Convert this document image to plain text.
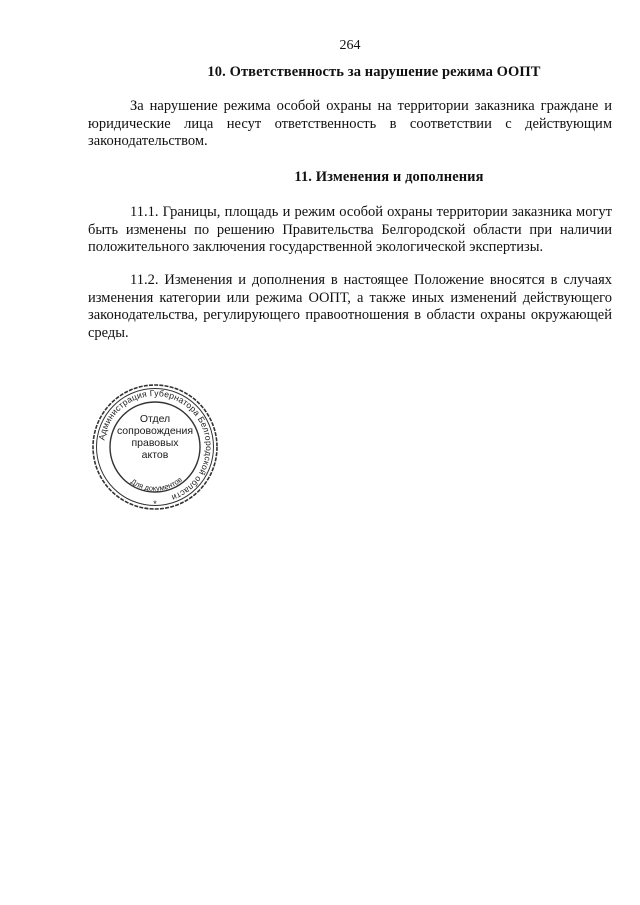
264
10. Ответственность за нарушение режима ООПТ

За нарушение режима особой охраны на территории заказника граждане и юридические лица несут ответственность в соответствии с действующим законодательством.

11. Изменения и дополнения

11.1. Границы, площадь и режим особой охраны территории заказника могут быть изменены по решению Правительства Белгородской области при наличии положительного заключения государственной экологической экспертизы.

11.2. Изменения и дополнения в настоящее Положение вносятся в случаях изменения категории или режима ООПТ, а также иных изменений действующего законодательства, регулирующего правоотношения в области охраны окружающей среды.

Администрация Губернатора Белгородской области
Для документов
*
Отдел
сопровождения
правовых
актов
